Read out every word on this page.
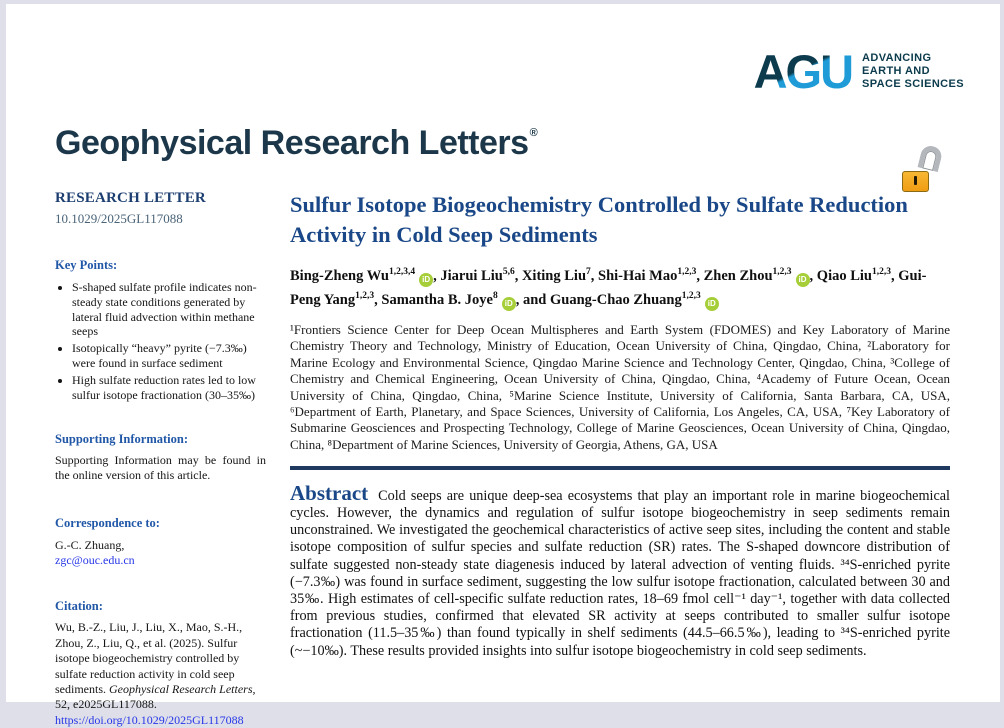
AGU ADVANCING
EARTH AND
SPACE SCIENCES
Geophysical Research Letters®
RESEARCH LETTER
10.1029/2025GL117088
Key Points:
• S-shaped sulfate profile indicates non-steady state conditions generated by lateral fluid advection within methane seeps
• Isotopically “heavy” pyrite (−7.3‰) were found in surface sediment
• High sulfate reduction rates led to low sulfur isotope fractionation (30–35‰)
Supporting Information:

Supporting Information may be found in the online version of this article.

Correspondence to:

G.-C. Zhuang,
zgc@ouc.edu.cn

Citation:

Wu, B.-Z., Liu, J., Liu, X., Mao, S.-H., Zhou, Z., Liu, Q., et al. (2025). Sulfur isotope biogeochemistry controlled by sulfate reduction activity in cold seep sediments. Geophysical Research Letters, 52, e2025GL117088. https://doi.org/10.1029/2025GL117088

Sulfur Isotope Biogeochemistry Controlled by Sulfate Reduction Activity in Cold Seep Sediments

Bing-Zheng Wu$^{1,2,3,4}$iD , Jiarui Liu$^{5,6}$, Xiting Liu$^7$, Shi-Hai Mao$^{1,2,3}$, Zhen Zhou$^{1,2,3}$iD , Qiao Liu$^{1,2,3}$, Gui-Peng Yang$^{1,2,3}$, Samantha B. Joye$^8$iD , and Guang-Chao Zhuang$^{1,2,3}$iD

¹Frontiers Science Center for Deep Ocean Multispheres and Earth System (FDOMES) and Key Laboratory of Marine Chemistry Theory and Technology, Ministry of Education, Ocean University of China, Qingdao, China, ²Laboratory for Marine Ecology and Environmental Science, Qingdao Marine Science and Technology Center, Qingdao, China, ³College of Chemistry and Chemical Engineering, Ocean University of China, Qingdao, China, ⁴Academy of Future Ocean, Ocean University of China, Qingdao, China, ⁵Marine Science Institute, University of California, Santa Barbara, CA, USA, ⁶Department of Earth, Planetary, and Space Sciences, University of California, Los Angeles, CA, USA, ⁷Key Laboratory of Submarine Geosciences and Prospecting Technology, College of Marine Geosciences, Ocean University of China, Qingdao, China, ⁸Department of Marine Sciences, University of Georgia, Athens, GA, USA

Abstract Cold seeps are unique deep-sea ecosystems that play an important role in marine biogeochemical cycles. However, the dynamics and regulation of sulfur isotope biogeochemistry in seep sediments remain unconstrained. We investigated the geochemical characteristics of active seep sites, including the content and stable isotope composition of sulfur species and sulfate reduction (SR) rates. The S-shaped downcore distribution of sulfate suggested non-steady state diagenesis induced by lateral advection of venting fluids. ³⁴S-enriched pyrite (−7.3‰) was found in surface sediment, suggesting the low sulfur isotope fractionation, calculated between 30 and 35‰. High estimates of cell-specific sulfate reduction rates, 18–69 fmol cell⁻¹ day⁻¹, together with data collected from previous studies, confirmed that elevated SR activity at seeps contributed to smaller sulfur isotope fractionation (11.5–35‰) than found typically in shelf sediments (44.5–66.5‰), leading to ³⁴S-enriched pyrite (~−10‰). These results provided insights into sulfur isotope biogeochemistry in cold seep sediments.
